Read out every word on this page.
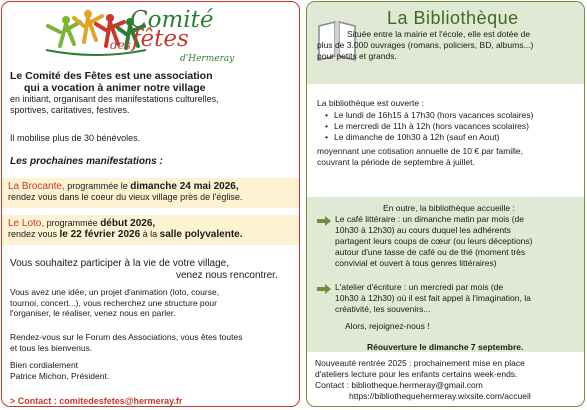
Comité
des fêtes
d'Hermeray
Le Comité des Fêtes est une association
qui a vocation à animer notre village
en initiant, organisant des manifestations culturelles,
sportives, caritatives, festives.
Il mobilise plus de 30 bénévoles.
Les prochaines manifestations :
La Brocante, programmée le dimanche 24 mai 2026,
rendez vous dans le coeur du vieux village près de l'église.
Le Loto, programmée début 2026,
rendez vous le 22 février 2026 à la salle polyvalente.
Vous souhaitez participer à la vie de votre village,
venez nous rencontrer.
Vous avez une idée, un projet d'animation (loto, course,
tournoi, concert...), vous recherchez une structure pour
l'organiser, le réaliser, venez nous en parler.
Rendez-vous sur le Forum des Associations, vous êtes toutes
et tous les bienvenus.
Bien cordialement
Patrice Michon, Président.
> Contact : comitedesfetes@hermeray.fr
La Bibliothèque
Située entre la mairie et l'école, elle est dotée de
plus de 3.000 ouvrages (romans, policiers, BD, albums...)
pour petits et grands.
La bibliothèque est ouverte :
• Le lundi de 16h15 à 17h30 (hors vacances scolaires)
• Le mercredi de 11h à 12h (hors vacances scolaires)
• Le dimanche de 10h30 à 12h (sauf en Aout)
moyennant une cotisation annuelle de 10 € par famille,
couvrant la période de septembre à juillet.
En outre, la bibliothèque accueille :
Le café littéraire : un dimanche matin par mois (de
10h30 à 12h30) au cours duquel les adhérents
partagent leurs coups de cœur (ou leurs déceptions)
autour d'une tasse de café ou de thé (moment très
convivial et ouvert à tous genres littéraires)
L'atelier d'écriture : un mercredi par mois (de
10h30 à 12h30) où il est fait appel à l'imagination, la
créativité, les souvenirs...
Alors, rejoignez-nous !
Réouverture le dimanche 7 septembre.
Nouveauté rentrée 2025 : prochainement mise en place
d'ateliers lecture pour les enfants certains week-ends.
Contact : bibliotheque.hermeray@gmail.com
https://bibliothequehermeray.wixsite.com/accueil
